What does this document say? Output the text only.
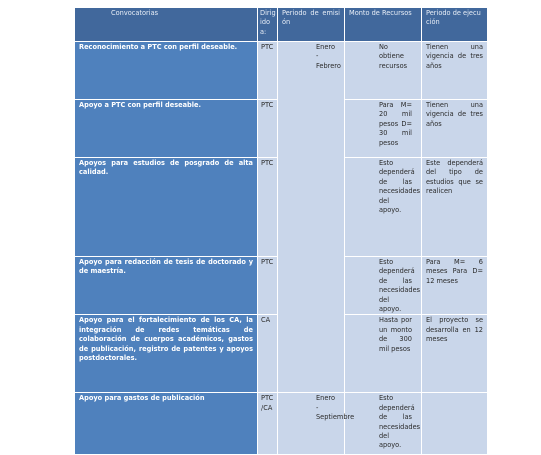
Convocatorias	Dirigido a:	Periodo de emisión	Monto de Recursos	Periodo de ejecución
Reconocimiento a PTC con perfil deseable.	PTC	Enero - Febrero	No obtiene recursos	Tienen una vigencia de tres años
Apoyo a PTC con perfil deseable.	PTC		Para M= 20 mil pesos D= 30 mil pesos	Tienen una vigencia de tres años
Apoyos para estudios de posgrado de alta calidad.	PTC		Esto dependerá de las necesidades del apoyo.	Este dependerá del tipo de estudios que se realicen
Apoyo para redacción de tesis de doctorado y de maestría.	PTC		Esto dependerá de las necesidades del apoyo.	Para M= 6 meses Para D= 12 meses
Apoyo para el fortalecimiento de los CA, la integración de redes temáticas de colaboración de cuerpos académicos, gastos de publicación, registro de patentes y apoyos postdoctorales.	CA		Hasta por un monto de 300 mil pesos	El proyecto se desarrolla en 12 meses
Apoyo para gastos de publicación	PTC /CA	Enero - Septiembre	Esto dependerá de las necesidades del apoyo.	
